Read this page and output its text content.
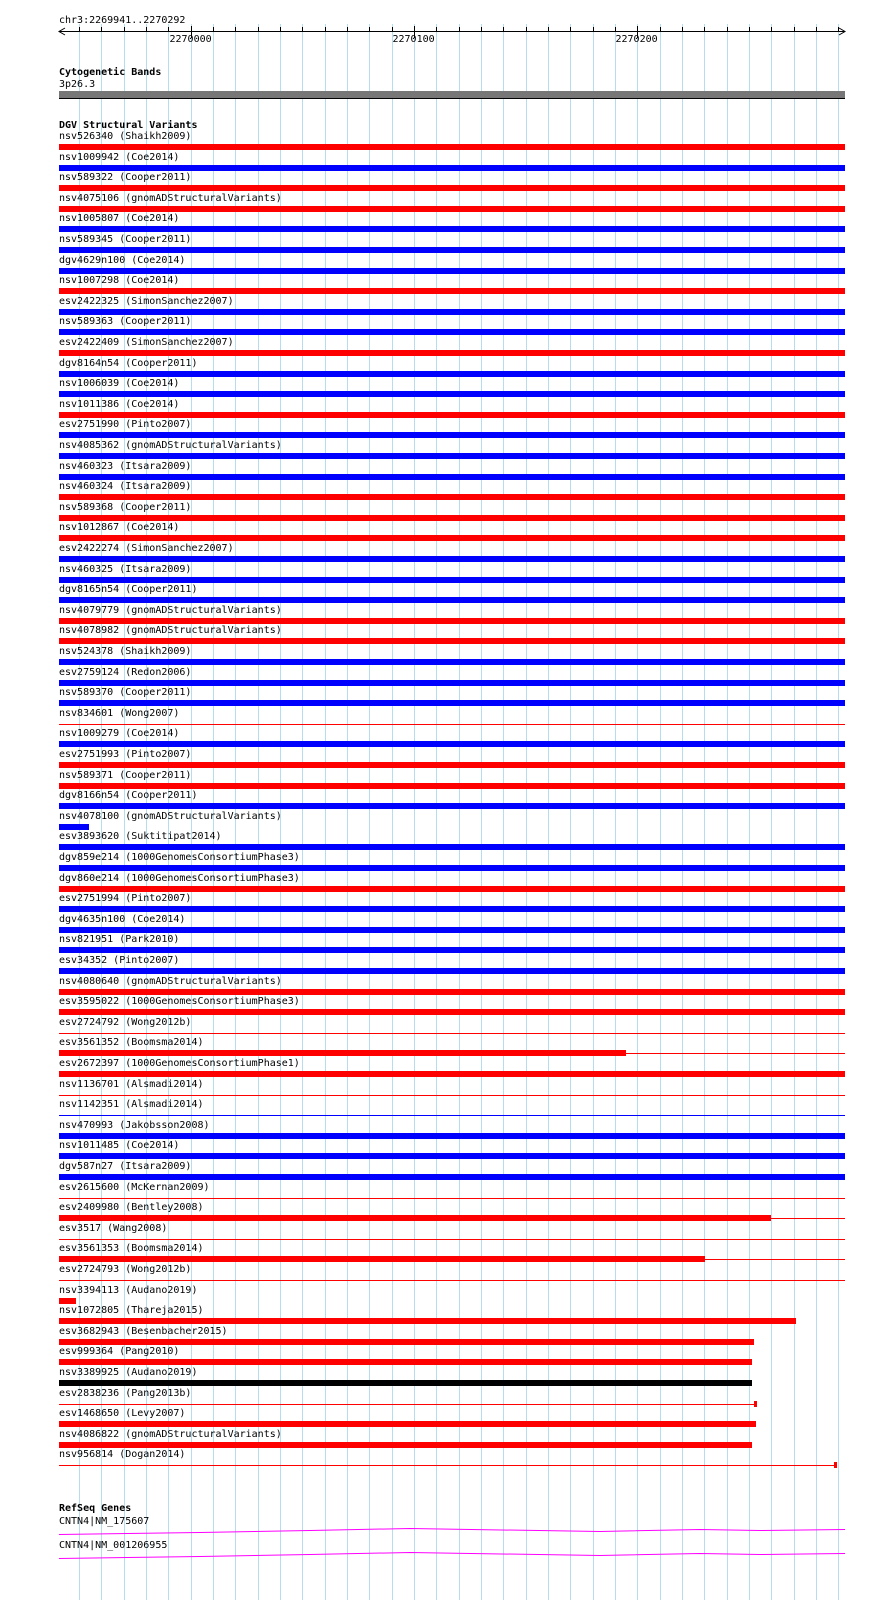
chr3:2269941..2270292
2270000	2270100	2270200
Cytogenetic Bands
3p26.3
DGV Structural Variants
nsv526340 (Shaikh2009)
nsv1009942 (Coe2014)
nsv589322 (Cooper2011)
nsv4075106 (gnomADStructuralVariants)
nsv1005807 (Coe2014)
nsv589345 (Cooper2011)
dgv4629n100 (Coe2014)
nsv1007298 (Coe2014)
esv2422325 (SimonSanchez2007)
nsv589363 (Cooper2011)
esv2422409 (SimonSanchez2007)
dgv8164n54 (Cooper2011)
nsv1006039 (Coe2014)
nsv1011386 (Coe2014)
esv2751990 (Pinto2007)
nsv4085362 (gnomADStructuralVariants)
nsv460323 (Itsara2009)
nsv460324 (Itsara2009)
nsv589368 (Cooper2011)
nsv1012867 (Coe2014)
esv2422274 (SimonSanchez2007)
nsv460325 (Itsara2009)
dgv8165n54 (Cooper2011)
nsv4079779 (gnomADStructuralVariants)
nsv4078982 (gnomADStructuralVariants)
nsv524378 (Shaikh2009)
esv2759124 (Redon2006)
nsv589370 (Cooper2011)
nsv834601 (Wong2007)
nsv1009279 (Coe2014)
esv2751993 (Pinto2007)
nsv589371 (Cooper2011)
dgv8166n54 (Cooper2011)
nsv4078100 (gnomADStructuralVariants)
esv3893620 (Suktitipat2014)
dgv859e214 (1000GenomesConsortiumPhase3)
dgv860e214 (1000GenomesConsortiumPhase3)
esv2751994 (Pinto2007)
dgv4635n100 (Coe2014)
nsv821951 (Park2010)
esv34352 (Pinto2007)
nsv4080640 (gnomADStructuralVariants)
esv3595022 (1000GenomesConsortiumPhase3)
esv2724792 (Wong2012b)
esv3561352 (Boomsma2014)
esv2672397 (1000GenomesConsortiumPhase1)
nsv1136701 (Alsmadi2014)
nsv1142351 (Alsmadi2014)
nsv470993 (Jakobsson2008)
nsv1011485 (Coe2014)
dgv587n27 (Itsara2009)
esv2615600 (McKernan2009)
esv2409980 (Bentley2008)
esv3517 (Wang2008)
esv3561353 (Boomsma2014)
esv2724793 (Wong2012b)
nsv3394113 (Audano2019)
nsv1072805 (Thareja2015)
esv3682943 (Besenbacher2015)
esv999364 (Pang2010)
nsv3389925 (Audano2019)
esv2838236 (Pang2013b)
esv1468650 (Levy2007)
nsv4086822 (gnomADStructuralVariants)
nsv956814 (Dogan2014)
RefSeq Genes
CNTN4|NM_175607
CNTN4|NM_001206955
